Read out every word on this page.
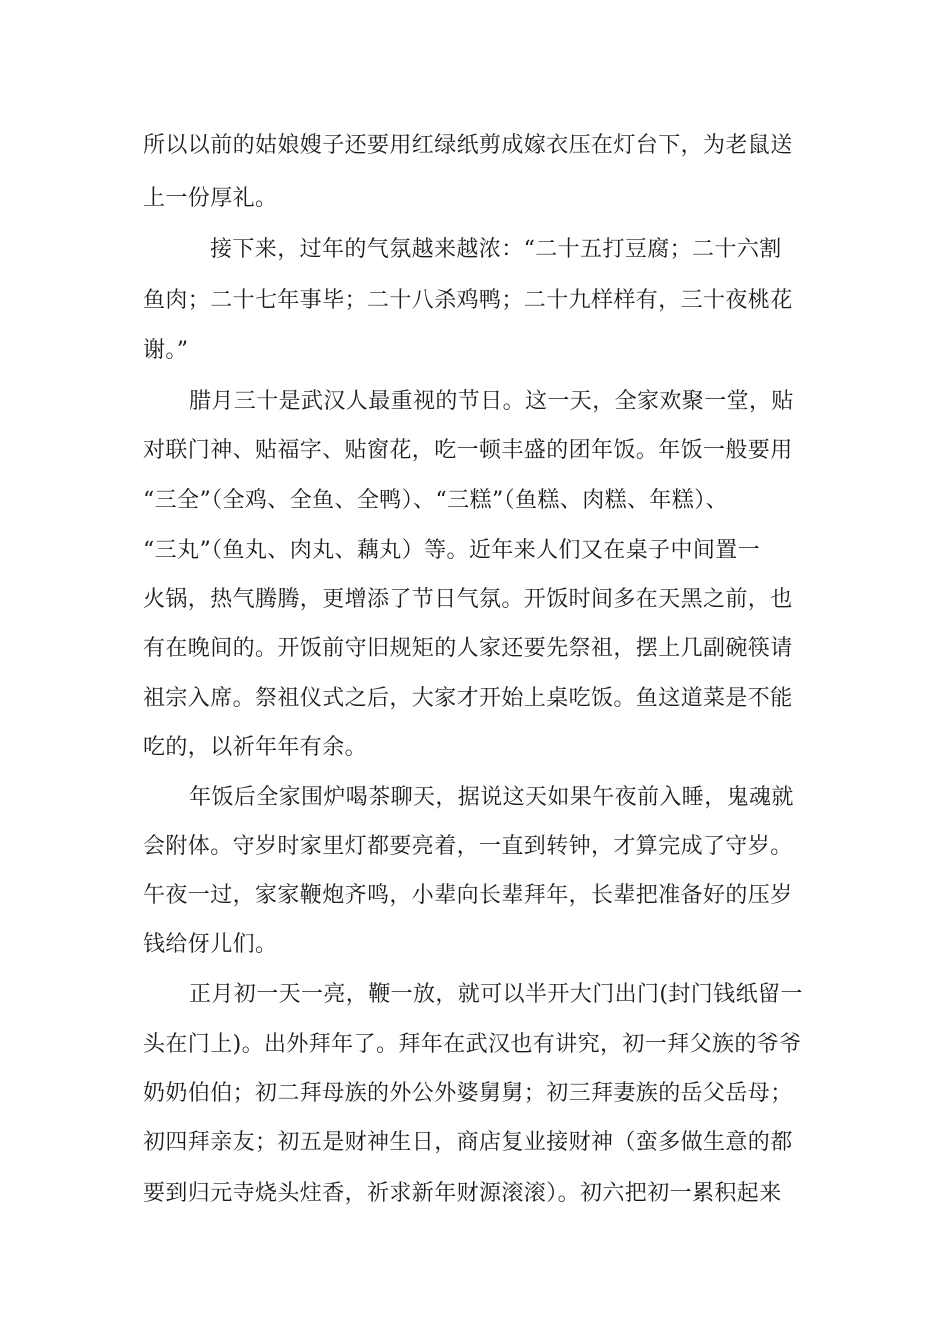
所以以前的姑娘嫂子还要用红绿纸剪成嫁衣压在灯台下，为老鼠送
上一份厚礼。
接下来，过年的气氛越来越浓：“二十五打豆腐；二十六割
鱼肉；二十七年事毕；二十八杀鸡鸭；二十九样样有，三十夜桃花
谢。”
腊月三十是武汉人最重视的节日。这一天，全家欢聚一堂，贴
对联门神、贴福字、贴窗花，吃一顿丰盛的团年饭。年饭一般要用
“三全”（全鸡、全鱼、全鸭）、“三糕”（鱼糕、肉糕、年糕）、
“三丸”（鱼丸、肉丸、藕丸）等。近年来人们又在桌子中间置一
火锅，热气腾腾，更增添了节日气氛。开饭时间多在天黑之前，也
有在晚间的。开饭前守旧规矩的人家还要先祭祖，摆上几副碗筷请
祖宗入席。祭祖仪式之后，大家才开始上桌吃饭。鱼这道菜是不能
吃的，以祈年年有余。
年饭后全家围炉喝茶聊天，据说这天如果午夜前入睡，鬼魂就
会附体。守岁时家里灯都要亮着，一直到转钟，才算完成了守岁。
午夜一过，家家鞭炮齐鸣，小辈向长辈拜年，长辈把准备好的压岁
钱给伢儿们。
正月初一天一亮，鞭一放，就可以半开大门出门(封门钱纸留一
头在门上)。出外拜年了。拜年在武汉也有讲究，初一拜父族的爷爷
奶奶伯伯；初二拜母族的外公外婆舅舅；初三拜妻族的岳父岳母；
初四拜亲友；初五是财神生日，商店复业接财神（蛮多做生意的都
要到归元寺烧头炷香，祈求新年财源滚滚）。初六把初一累积起来
